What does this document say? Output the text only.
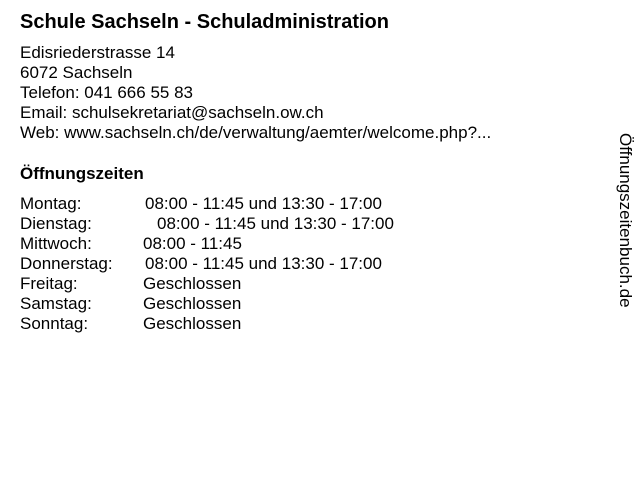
Schule Sachseln - Schuladministration
Edisriederstrasse 14
6072 Sachseln
Telefon: 041 666 55 83
Email: schulsekretariat@sachseln.ow.ch
Web: www.sachseln.ch/de/verwaltung/aemter/welcome.php?...
Öffnungszeiten
Montag:	08:00 - 11:45 und 13:30 - 17:00
Dienstag:	08:00 - 11:45 und 13:30 - 17:00
Mittwoch:	08:00 - 11:45
Donnerstag: 08:00 - 11:45 und 13:30 - 17:00
Freitag:	Geschlossen
Samstag:	Geschlossen
Sonntag:	Geschlossen
Öffnungszeitenbuch.de
